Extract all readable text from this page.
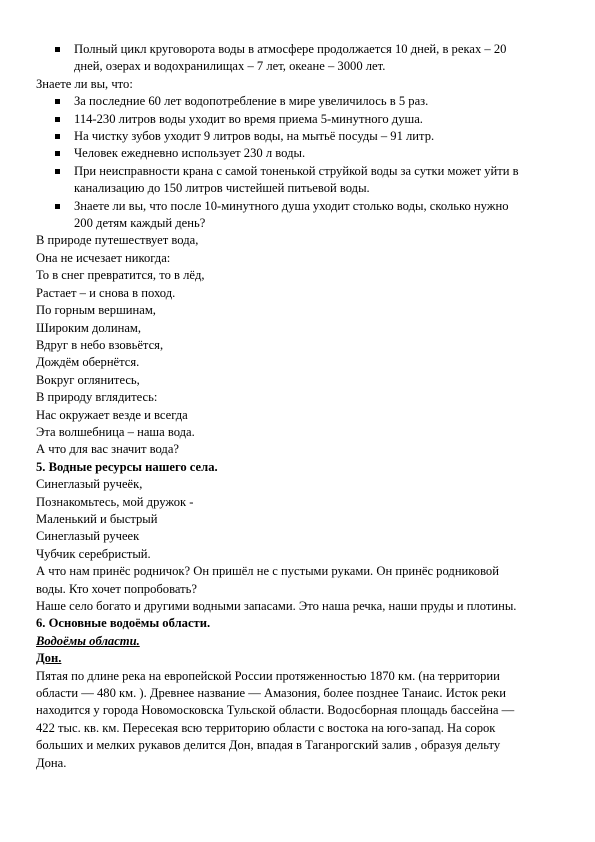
Полный цикл круговорота воды в атмосфере продолжается 10 дней, в реках – 20
дней, озерах и водохранилищах – 7 лет, океане – 3000 лет.
Знаете ли вы, что:
За последние 60 лет водопотребление в мире увеличилось в 5 раз.
114-230 литров воды уходит во время приема 5-минутного душа.
На чистку зубов уходит 9 литров воды, на мытьё посуды – 91 литр.
Человек ежедневно использует 230 л воды.
При неисправности крана с самой тоненькой струйкой воды за сутки может уйти в
канализацию до 150 литров чистейшей питьевой воды.
Знаете ли вы, что после 10-минутного душа уходит столько воды, сколько нужно
200 детям каждый день?
В природе путешествует вода,
Она не исчезает никогда:
То в снег превратится, то в лёд,
Растает – и снова в поход.
По горным вершинам,
Широким долинам,
Вдруг в небо взовьётся,
Дождём обернётся.
Вокруг оглянитесь,
В природу вглядитесь:
Нас окружает везде и всегда
Эта волшебница – наша вода.
А что для вас значит вода?
5. Водные ресурсы нашего села.
Синеглазый ручеёк,
Познакомьтесь, мой дружок -
Маленький и быстрый
Синеглазый ручеек
Чубчик серебристый.
А что нам принёс родничок? Он пришёл не с пустыми руками. Он принёс родниковой
воды. Кто хочет попробовать?
Наше село богато и другими водными запасами. Это наша речка, наши пруды и плотины.
6. Основные водоёмы области.
Водоёмы области.
Дон.
Пятая по длине река на европейской России протяженностью 1870 км. (на территории
области — 480 км. ). Древнее название — Амазония, более позднее Танаис. Исток реки
находится у города Новомосковска Тульской области. Водосборная площадь бассейна —
422 тыс. кв. км. Пересекая всю территорию области с востока на юго-запад. На сорок
больших и мелких рукавов делится Дон, впадая в Таганрогский залив , образуя дельту
Дона.
